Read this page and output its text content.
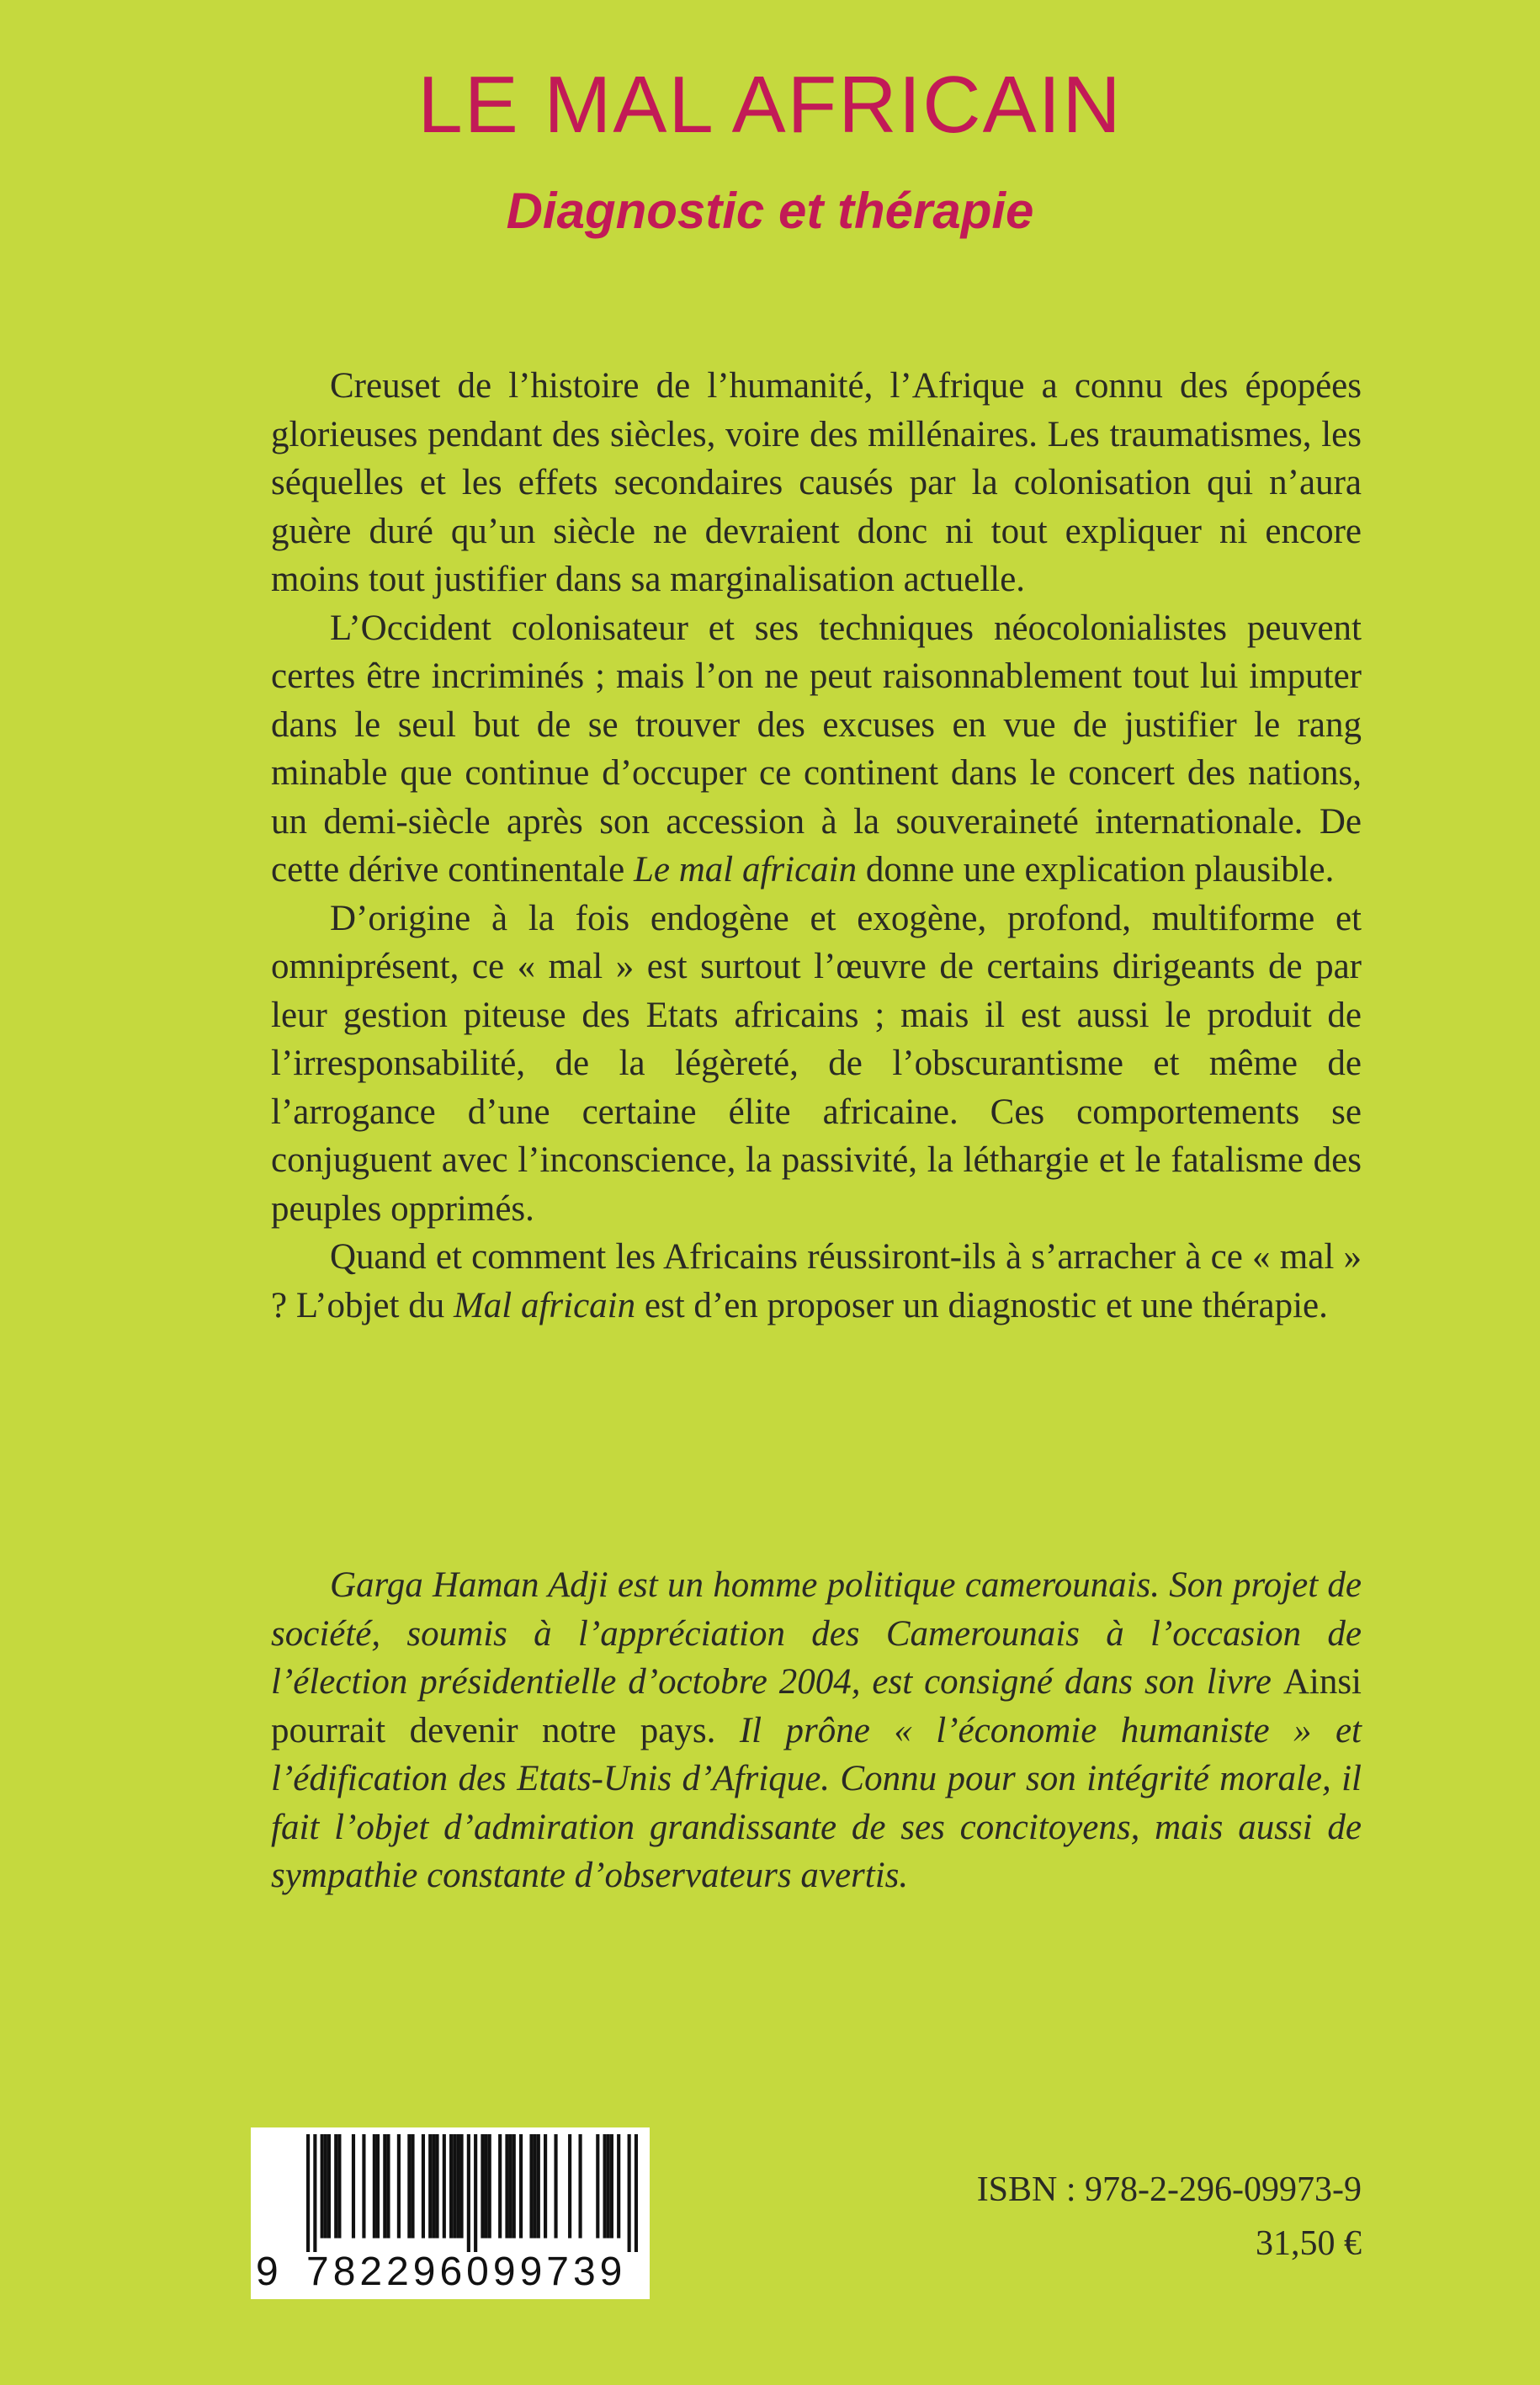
LE MAL AFRICAIN
Diagnostic et thérapie

Creuset de l’histoire de l’humanité, l’Afrique a connu des épopées glorieuses pendant des siècles, voire des millénaires. Les traumatismes, les séquelles et les effets secondaires causés par la colonisation qui n’aura guère duré qu’un siècle ne devraient donc ni tout expliquer ni encore moins tout justifier dans sa marginalisation actuelle.

L’Occident colonisateur et ses techniques néocolonialistes peuvent certes être incriminés ; mais l’on ne peut raisonnablement tout lui imputer dans le seul but de se trouver des excuses en vue de justifier le rang minable que continue d’occuper ce continent dans le concert des nations, un demi-siècle après son accession à la souveraineté internationale. De cette dérive continentale Le mal africain donne une explication plausible.

D’origine à la fois endogène et exogène, profond, multiforme et omniprésent, ce « mal » est surtout l’œuvre de certains dirigeants de par leur gestion piteuse des Etats africains ; mais il est aussi le produit de l’irresponsabilité, de la légèreté, de l’obscurantisme et même de l’arrogance d’une certaine élite africaine. Ces comportements se conjuguent avec l’inconscience, la passivité, la léthargie et le fatalisme des peuples opprimés.

Quand et comment les Africains réussiront-ils à s’arracher à ce « mal » ? L’objet du Mal africain est d’en proposer un diagnostic et une thérapie.

Garga Haman Adji est un homme politique camerounais. Son projet de société, soumis à l’appréciation des Camerounais à l’occasion de l’élection présidentielle d’octobre 2004, est consigné dans son livre Ainsi pourrait devenir notre pays. Il prône « l’économie humaniste » et l’édification des Etats-Unis d’Afrique. Connu pour son intégrité morale, il fait l’objet d’admiration grandissante de ses concitoyens, mais aussi de sympathie constante d’observateurs avertis.

9 782296099739

ISBN : 978-2-296-09973-9

31,50 €
